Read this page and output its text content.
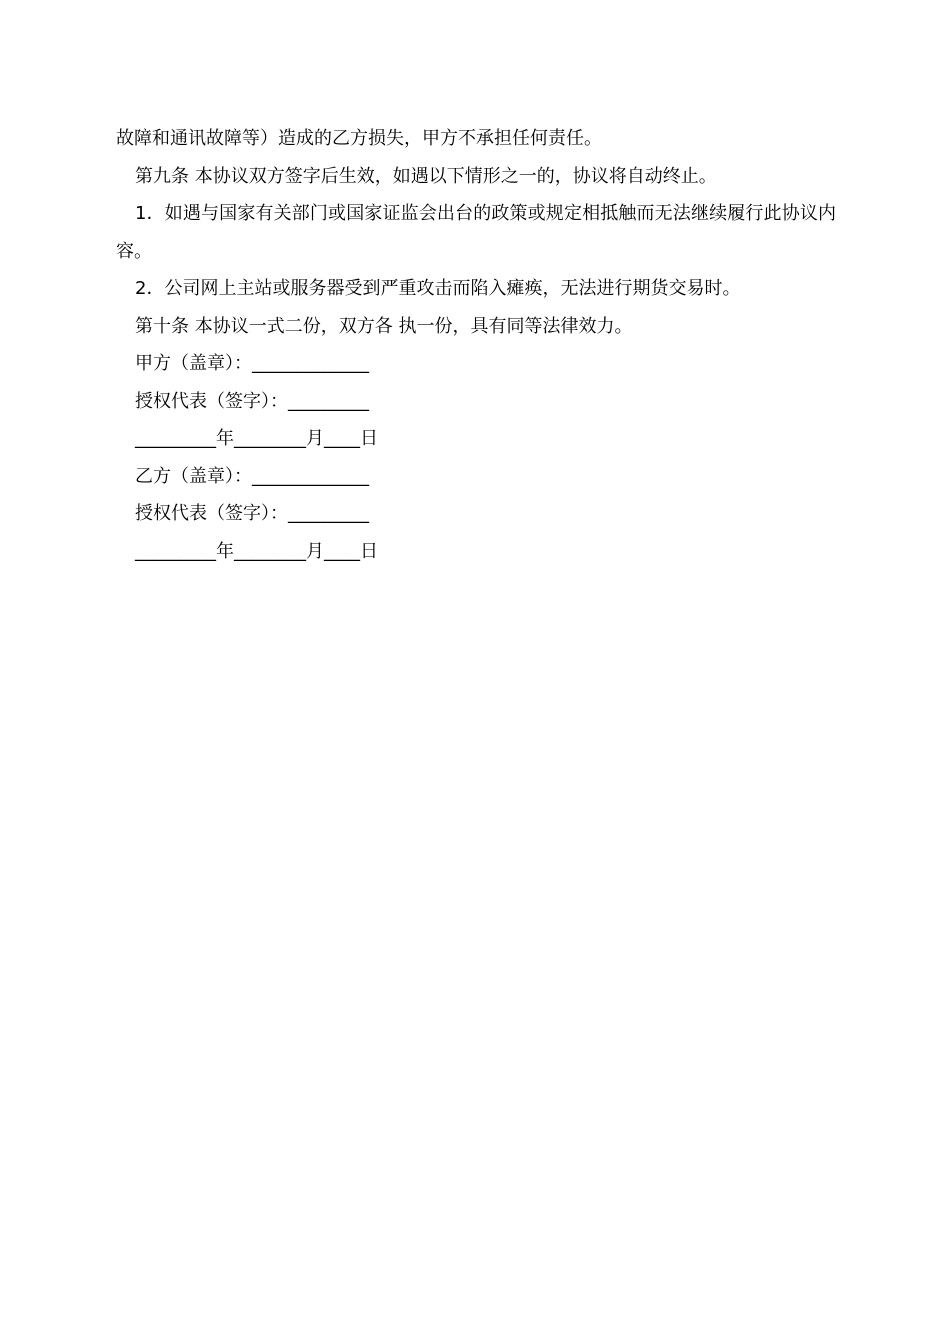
故障和通讯故障等）造成的乙方损失，甲方不承担任何责任。

第九条 本协议双方签字后生效，如遇以下情形之一的，协议将自动终止。

1．如遇与国家有关部门或国家证监会出台的政策或规定相抵触而无法继续履行此协议内容。

2．公司网上主站或服务器受到严重攻击而陷入瘫痪，无法进行期货交易时。

第十条 本协议一式二份，双方各 执一份，具有同等法律效力。

甲方（盖章）：_____________

授权代表（签字）：_________

_________年________月____日

乙方（盖章）：_____________

授权代表（签字）：_________

_________年________月____日
